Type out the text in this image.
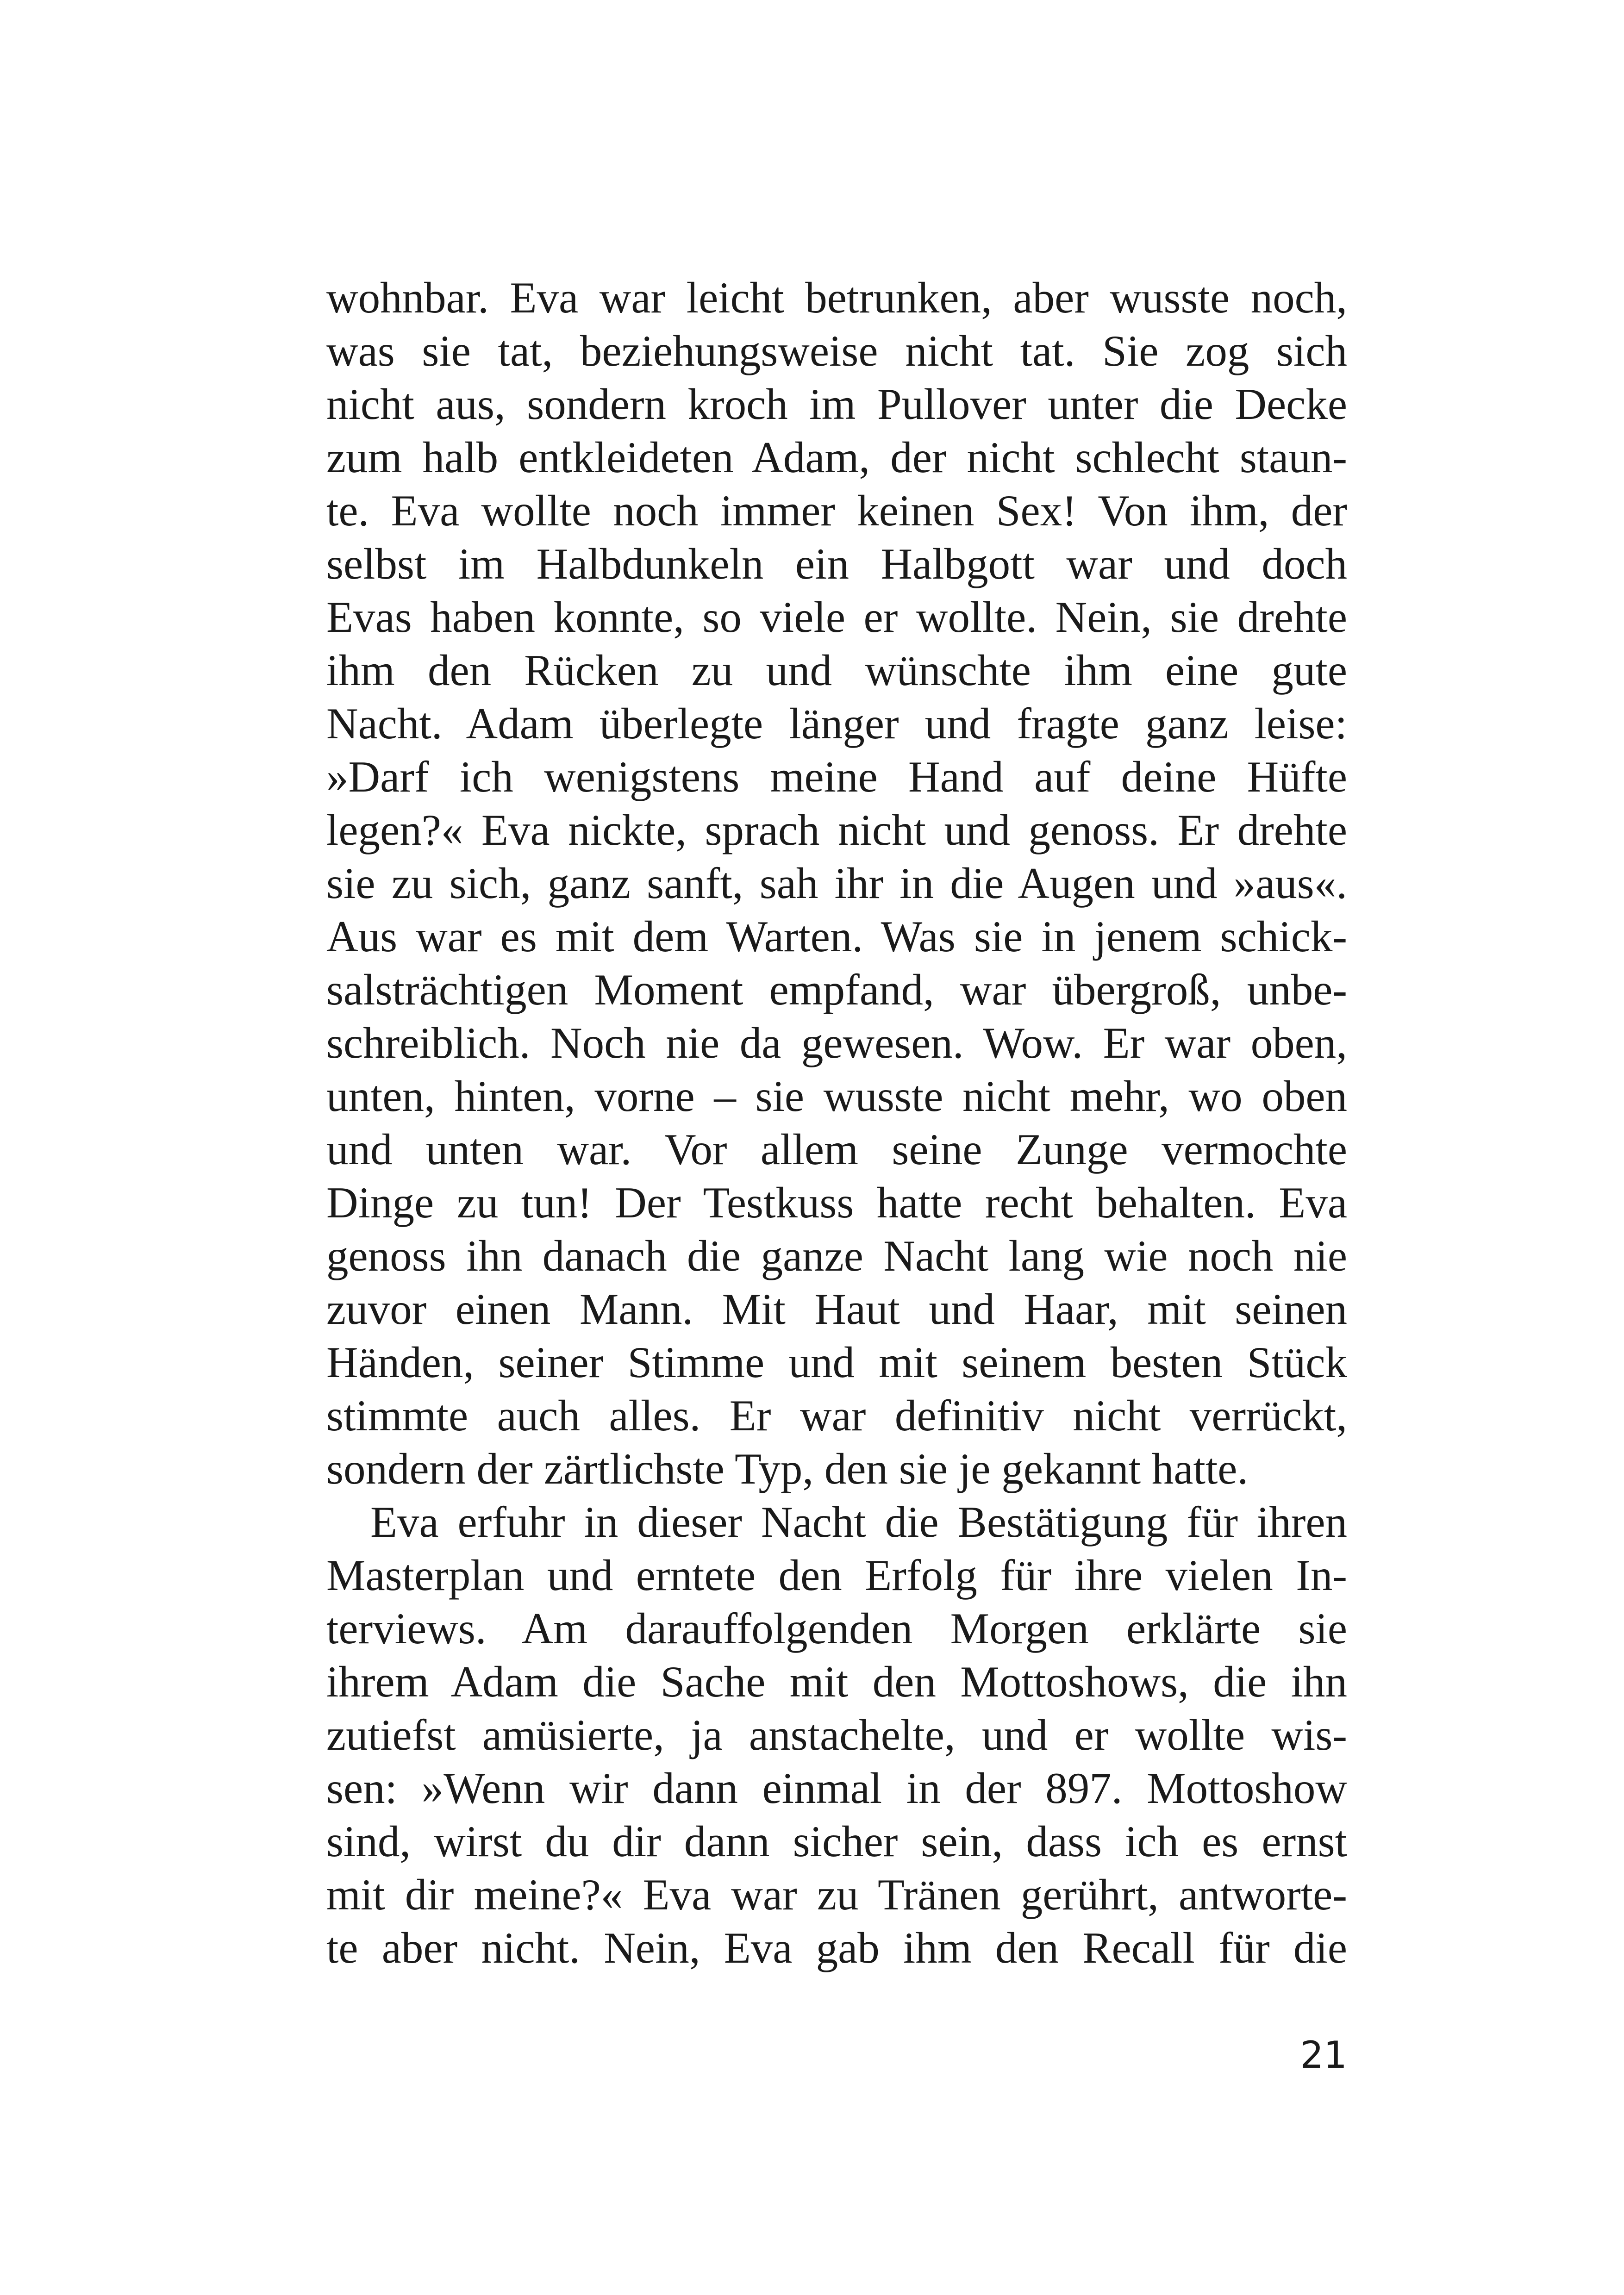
wohnbar. Eva war leicht betrunken, aber wusste noch,
was sie tat, beziehungsweise nicht tat. Sie zog sich
nicht aus, sondern kroch im Pullover unter die Decke
zum halb entkleideten Adam, der nicht schlecht staun-
te. Eva wollte noch immer keinen Sex! Von ihm, der
selbst im Halbdunkeln ein Halbgott war und doch
Evas haben konnte, so viele er wollte. Nein, sie drehte
ihm den Rücken zu und wünschte ihm eine gute
Nacht. Adam überlegte länger und fragte ganz leise:
»Darf ich wenigstens meine Hand auf deine Hüfte
legen?« Eva nickte, sprach nicht und genoss. Er drehte
sie zu sich, ganz sanft, sah ihr in die Augen und »aus«.
Aus war es mit dem Warten. Was sie in jenem schick-
salsträchtigen Moment empfand, war übergroß, unbe-
schreiblich. Noch nie da gewesen. Wow. Er war oben,
unten, hinten, vorne – sie wusste nicht mehr, wo oben
und unten war. Vor allem seine Zunge vermochte
Dinge zu tun! Der Testkuss hatte recht behalten. Eva
genoss ihn danach die ganze Nacht lang wie noch nie
zuvor einen Mann. Mit Haut und Haar, mit seinen
Händen, seiner Stimme und mit seinem besten Stück
stimmte auch alles. Er war definitiv nicht verrückt,
sondern der zärtlichste Typ, den sie je gekannt hatte.
Eva erfuhr in dieser Nacht die Bestätigung für ihren
Masterplan und erntete den Erfolg für ihre vielen In-
terviews. Am darauffolgenden Morgen erklärte sie
ihrem Adam die Sache mit den Mottoshows, die ihn
zutiefst amüsierte, ja anstachelte, und er wollte wis-
sen: »Wenn wir dann einmal in der 897. Mottoshow
sind, wirst du dir dann sicher sein, dass ich es ernst
mit dir meine?« Eva war zu Tränen gerührt, antworte-
te aber nicht. Nein, Eva gab ihm den Recall für die
21
